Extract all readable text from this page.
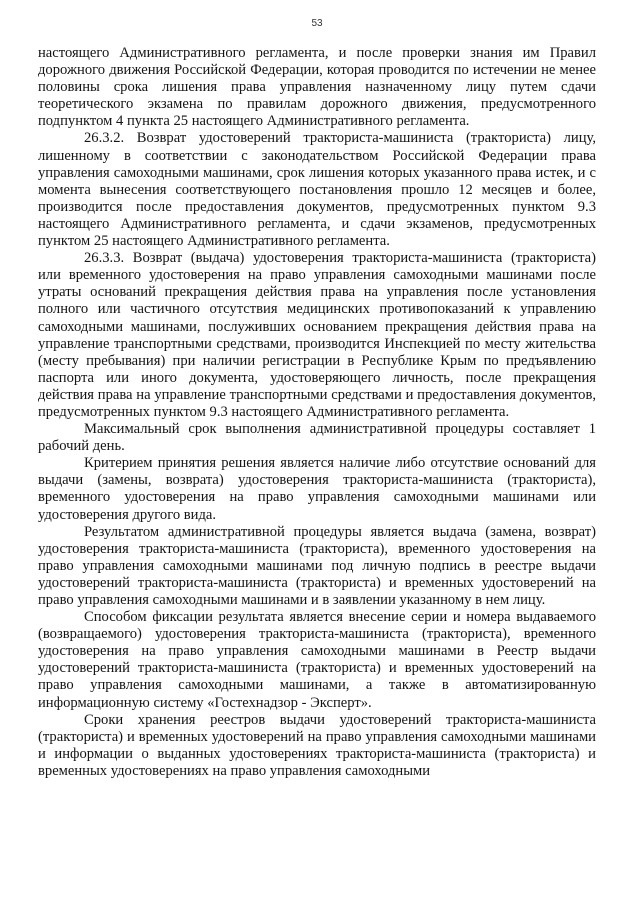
53

настоящего Административного регламента, и после проверки знания им Правил дорожного движения Российской Федерации, которая проводится по истечении не менее половины срока лишения права управления назначенному лицу путем сдачи теоретического экзамена по правилам дорожного движения, предусмотренного подпунктом 4 пункта 25 настоящего Административного регламента.

26.3.2. Возврат удостоверений тракториста-машиниста (тракториста) лицу, лишенному в соответствии с законодательством Российской Федерации права управления самоходными машинами, срок лишения которых указанного права истек, и с момента вынесения соответствующего постановления прошло 12 месяцев и более, производится после предоставления документов, предусмотренных пунктом 9.3 настоящего Административного регламента, и сдачи экзаменов, предусмотренных пунктом 25 настоящего Административного регламента.

26.3.3. Возврат (выдача) удостоверения тракториста-машиниста (тракториста) или временного удостоверения на право управления самоходными машинами после утраты оснований прекращения действия права на управления после установления полного или частичного отсутствия медицинских противопоказаний к управлению самоходными машинами, послуживших основанием прекращения действия права на управление транспортными средствами, производится Инспекцией по месту жительства (месту пребывания) при наличии регистрации в Республике Крым по предъявлению паспорта или иного документа, удостоверяющего личность, после прекращения действия права на управление транспортными средствами и предоставления документов, предусмотренных пунктом 9.3 настоящего Административного регламента.

Максимальный срок выполнения административной процедуры составляет 1 рабочий день.

Критерием принятия решения является наличие либо отсутствие оснований для выдачи (замены, возврата) удостоверения тракториста-машиниста (тракториста), временного удостоверения на право управления самоходными машинами или удостоверения другого вида.

Результатом административной процедуры является выдача (замена, возврат) удостоверения тракториста-машиниста (тракториста), временного удостоверения на право управления самоходными машинами под личную подпись в реестре выдачи удостоверений тракториста-машиниста (тракториста) и временных удостоверений на право управления самоходными машинами и в заявлении указанному в нем лицу.

Способом фиксации результата является внесение серии и номера выдаваемого (возвращаемого) удостоверения тракториста-машиниста (тракториста), временного удостоверения на право управления самоходными машинами в Реестр выдачи удостоверений тракториста-машиниста (тракториста) и временных удостоверений на право управления самоходными машинами, а также в автоматизированную информационную систему «Гостехнадзор - Эксперт».

Сроки хранения реестров выдачи удостоверений тракториста-машиниста (тракториста) и временных удостоверений на право управления самоходными машинами и информации о выданных удостоверениях тракториста-машиниста (тракториста) и временных удостоверениях на право управления самоходными
